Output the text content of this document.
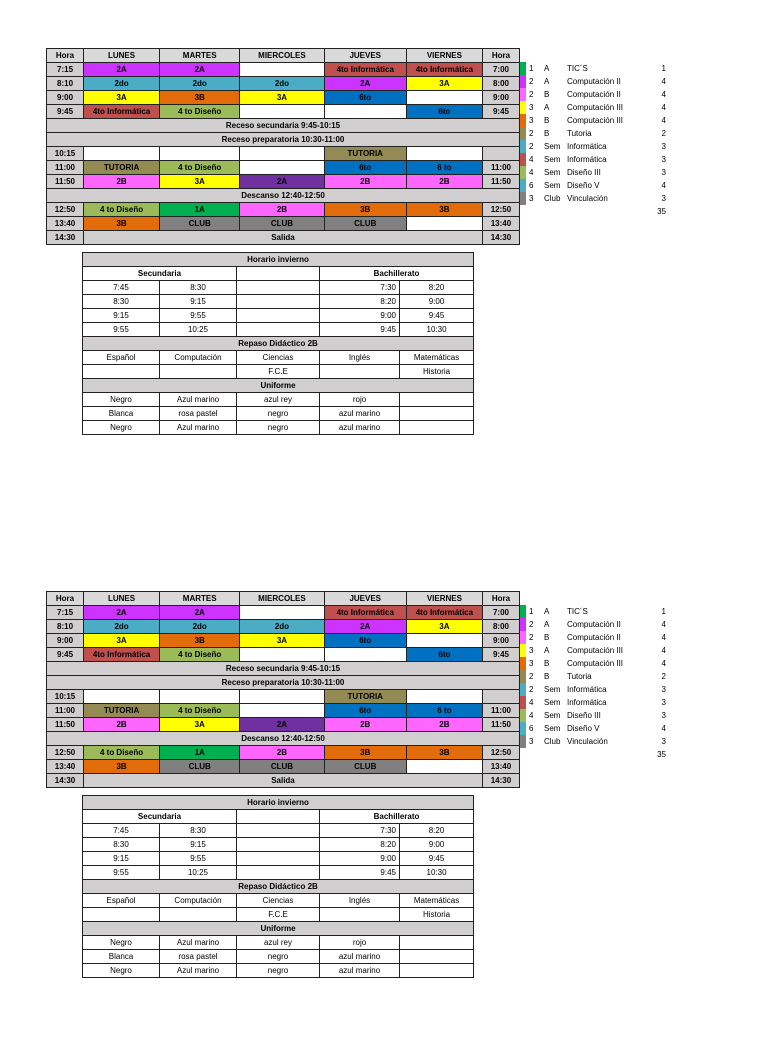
Hora	LUNES	MARTES	MIERCOLES	JUEVES	VIERNES	Hora
7:15	2A	2A		4to Informática	4to Informática	7:00
8:10	2do	2do	2do	2A	3A	8:00
9:00	3A	3B	3A	6to		9:00
9:45	4to Informática	4 to Diseño			6to	9:45
Receso secundaria 9:45-10:15						
Receso preparatoria 10:30-11:00						
10:15				TUTORIA		
11:00	TUTORIA	4 to Diseño		6to	6 to	11:00
11:50	2B	3A	2A	2B	2B	11:50
Descanso 12:40-12:50						
12:50	4 to Diseño	1A	2B	3B	3B	12:50
13:40	3B	CLUB	CLUB	CLUB		13:40
14:30	Salida					14:30
	1	A	TIC´S	1
	2	A	Computación II	4
	2	B	Computación II	4
	3	A	Computación III	4
	3	B	Computación III	4
	2	B	Tutoria	2
	2	Sem	Informática	3
	4	Sem	Informática	3
	4	Sem	Diseño III	3
	6	Sem	Diseño V	4
	3	Club	Vinculación	3
				35
Horario invierno				
Secundaria			Bachillerato	
7:45	8:30		7:30	8:20
8:30	9:15		8:20	9:00
9:15	9:55		9:00	9:45
9:55	10:25		9:45	10:30
Repaso Didáctico 2B				
Español	Computación	Ciencias	Inglés	Matemáticas
		F.C.E		Historia
Uniforme				
Negro	Azul marino	azul rey	rojo	
Blanca	rosa pastel	negro	azul marino	
Negro	Azul marino	negro	azul marino	
Hora	LUNES	MARTES	MIERCOLES	JUEVES	VIERNES	Hora
7:15	2A	2A		4to Informática	4to Informática	7:00
8:10	2do	2do	2do	2A	3A	8:00
9:00	3A	3B	3A	6to		9:00
9:45	4to Informática	4 to Diseño			6to	9:45
Receso secundaria 9:45-10:15						
Receso preparatoria 10:30-11:00						
10:15				TUTORIA		
11:00	TUTORIA	4 to Diseño		6to	6 to	11:00
11:50	2B	3A	2A	2B	2B	11:50
Descanso 12:40-12:50						
12:50	4 to Diseño	1A	2B	3B	3B	12:50
13:40	3B	CLUB	CLUB	CLUB		13:40
14:30	Salida					14:30
	1	A	TIC´S	1
	2	A	Computación II	4
	2	B	Computación II	4
	3	A	Computación III	4
	3	B	Computación III	4
	2	B	Tutoria	2
	2	Sem	Informática	3
	4	Sem	Informática	3
	4	Sem	Diseño III	3
	6	Sem	Diseño V	4
	3	Club	Vinculación	3
				35
Horario invierno				
Secundaria			Bachillerato	
7:45	8:30		7:30	8:20
8:30	9:15		8:20	9:00
9:15	9:55		9:00	9:45
9:55	10:25		9:45	10:30
Repaso Didáctico 2B				
Español	Computación	Ciencias	Inglés	Matemáticas
		F.C.E		Historia
Uniforme				
Negro	Azul marino	azul rey	rojo	
Blanca	rosa pastel	negro	azul marino	
Negro	Azul marino	negro	azul marino	
